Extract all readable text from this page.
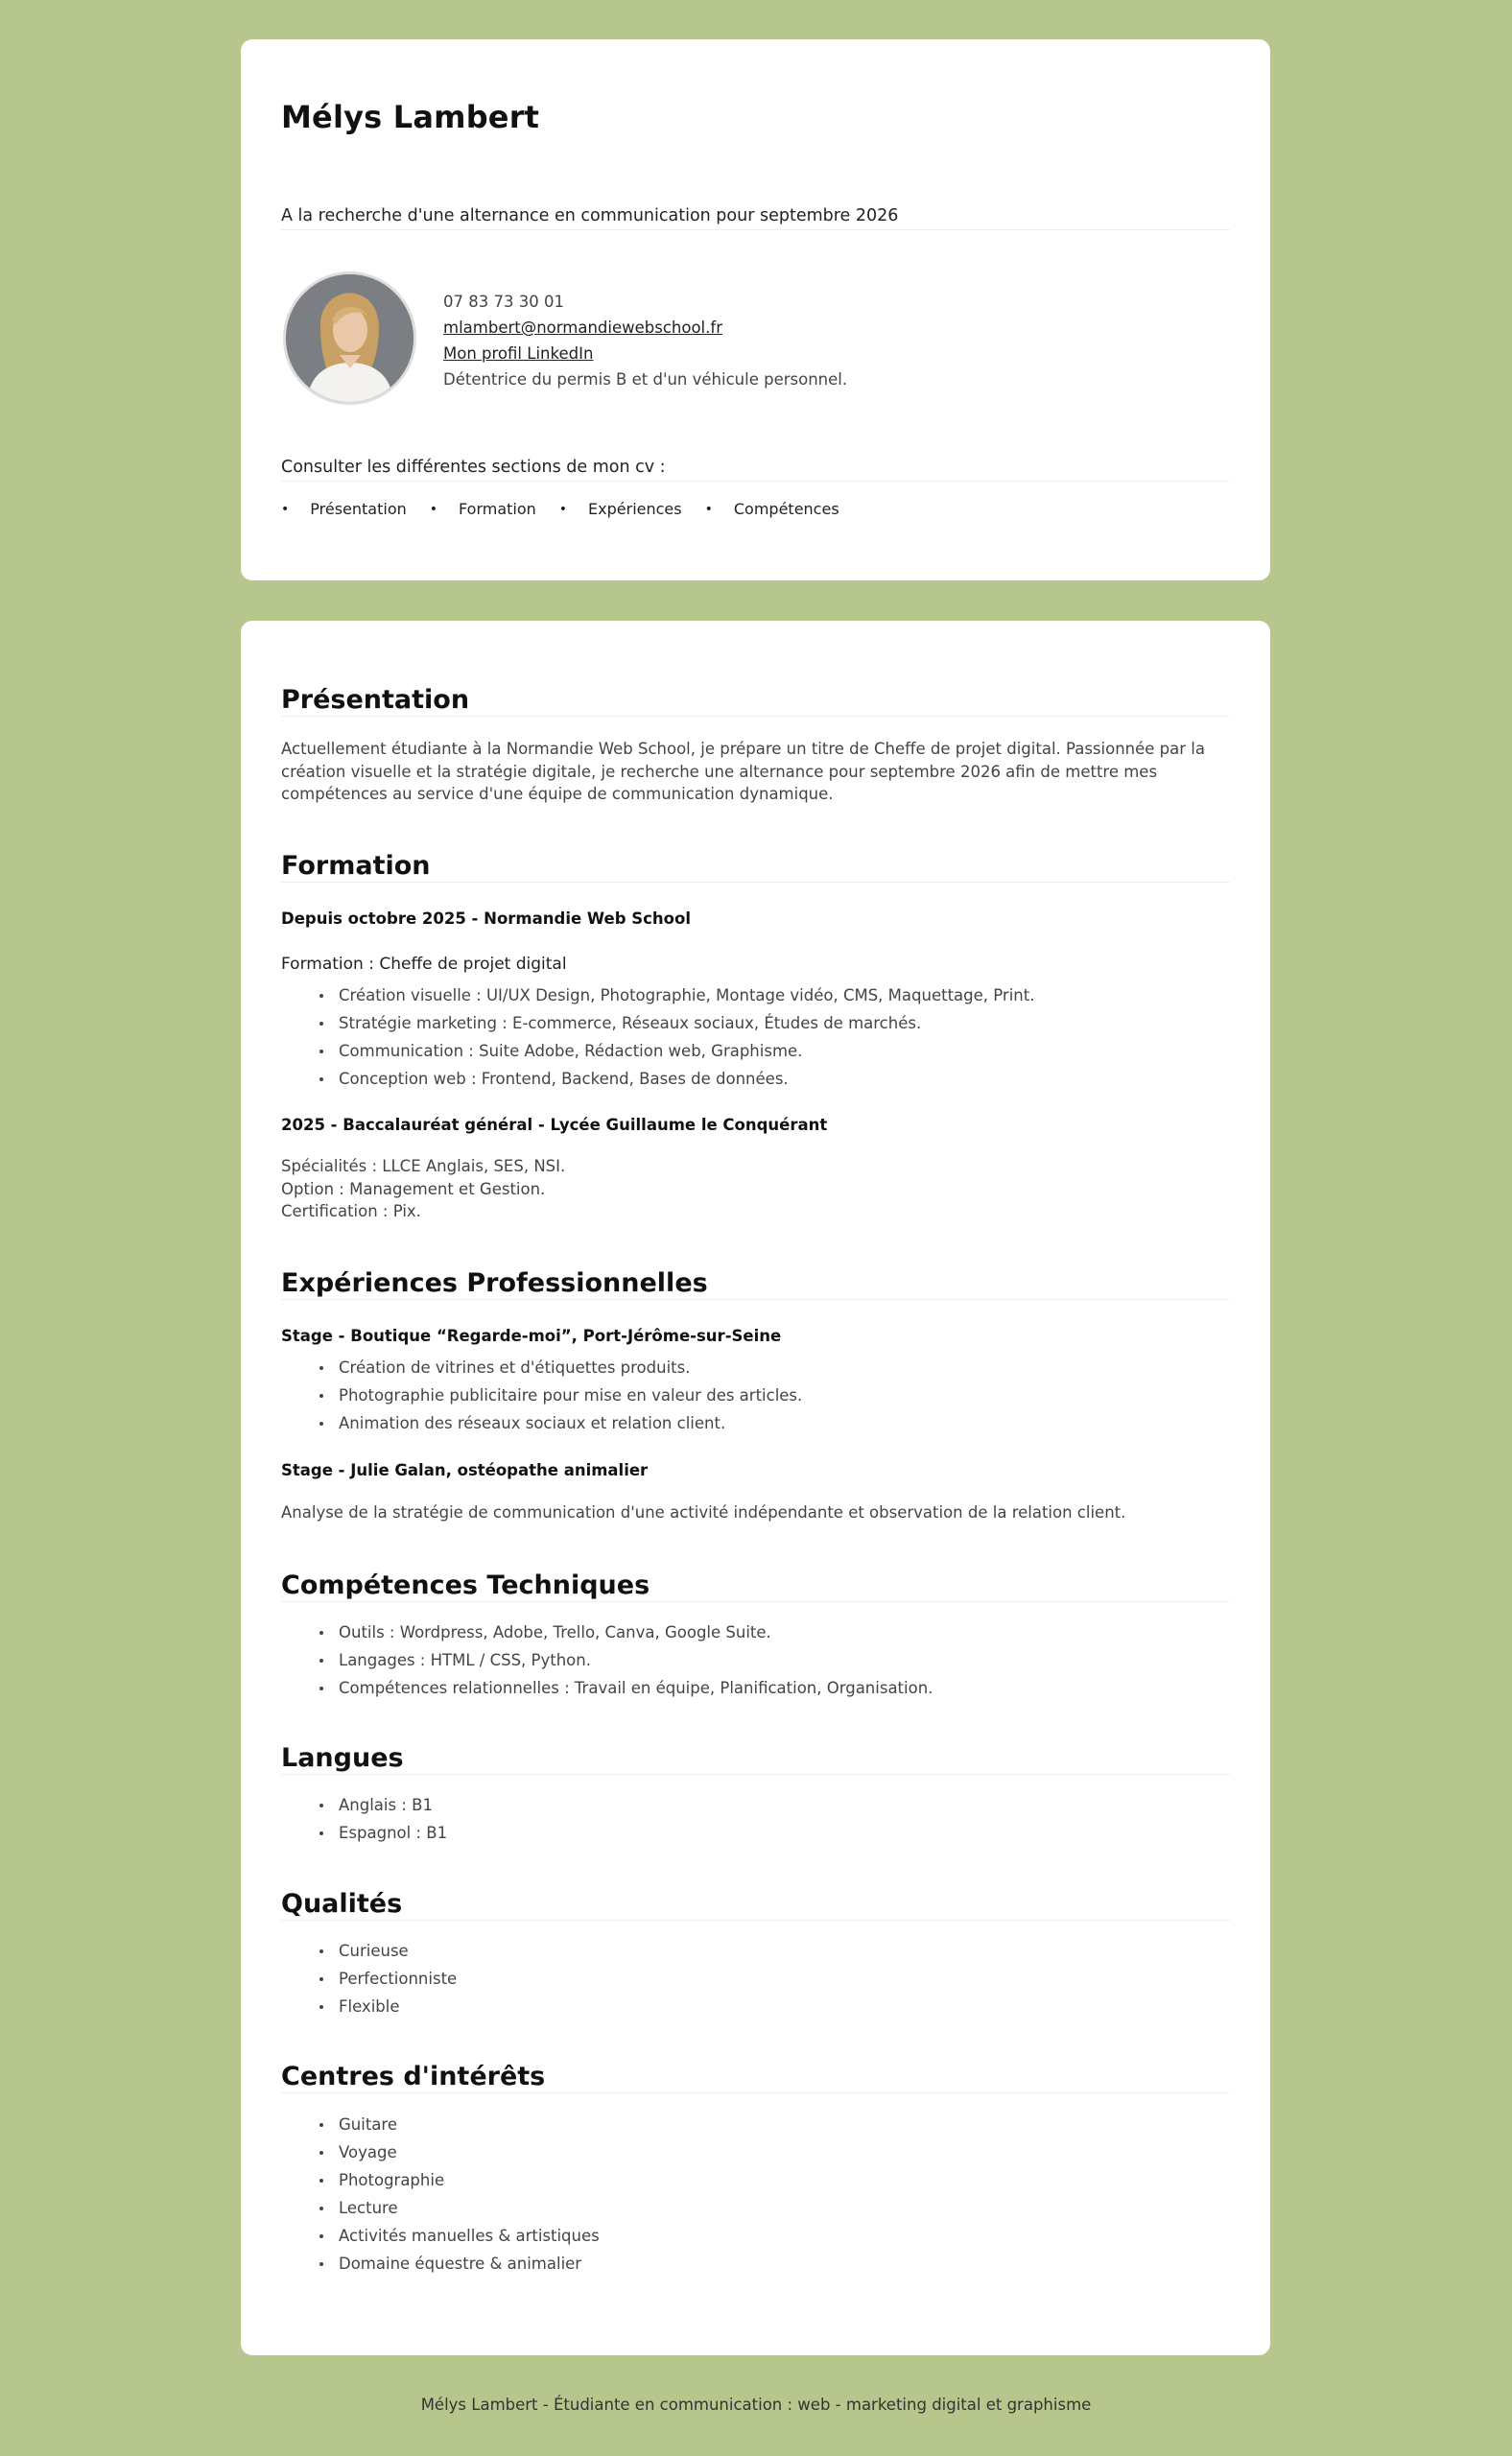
Mélys Lambert

A la recherche d'une alternance en communication pour septembre 2026

07 83 73 30 01
mlambert@normandiewebschool.fr
Mon profil LinkedIn
Détentrice du permis B et d'un véhicule personnel.

Consulter les différentes sections de mon cv :

• Présentation • Formation • Expériences • Compétences
Présentation

Actuellement étudiante à la Normandie Web School, je prépare un titre de Cheffe de projet digital. Passionnée par la création visuelle et la stratégie digitale, je recherche une alternance pour septembre 2026 afin de mettre mes compétences au service d'une équipe de communication dynamique.

Formation
Depuis octobre 2025 - Normandie Web School
Formation : Cheffe de projet digital
Création visuelle : UI/UX Design, Photographie, Montage vidéo, CMS, Maquettage, Print.
Stratégie marketing : E-commerce, Réseaux sociaux, Études de marchés.
Communication : Suite Adobe, Rédaction web, Graphisme.
Conception web : Frontend, Backend, Bases de données.
2025 - Baccalauréat général - Lycée Guillaume le Conquérant
Spécialités : LLCE Anglais, SES, NSI.
Option : Management et Gestion.
Certification : Pix.
Expériences Professionnelles
Stage - Boutique “Regarde-moi”, Port-Jérôme-sur-Seine
Création de vitrines et d'étiquettes produits.
Photographie publicitaire pour mise en valeur des articles.
Animation des réseaux sociaux et relation client.
Stage - Julie Galan, ostéopathe animalier

Analyse de la stratégie de communication d'une activité indépendante et observation de la relation client.

Compétences Techniques
Outils : Wordpress, Adobe, Trello, Canva, Google Suite.
Langages : HTML / CSS, Python.
Compétences relationnelles : Travail en équipe, Planification, Organisation.
Langues
Anglais : B1
Espagnol : B1
Qualités
Curieuse
Perfectionniste
Flexible
Centres d'intérêts
Guitare
Voyage
Photographie
Lecture
Activités manuelles & artistiques
Domaine équestre & animalier
Mélys Lambert - Étudiante en communication : web - marketing digital et graphisme
